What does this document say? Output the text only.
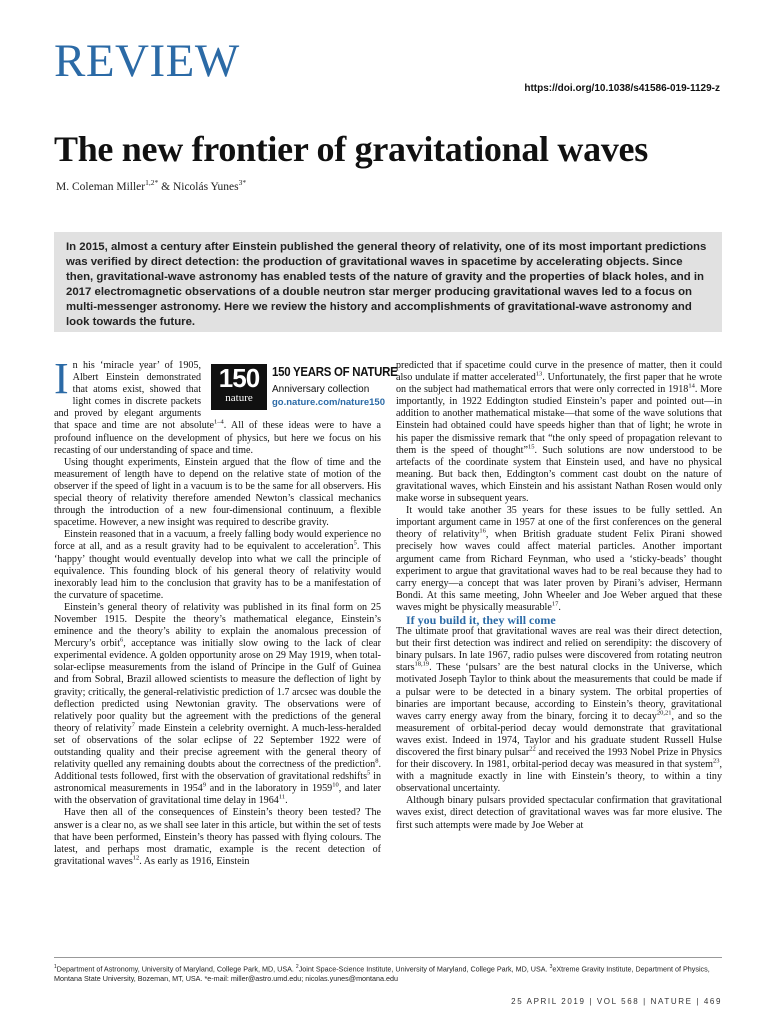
REVIEW
https://doi.org/10.1038/s41586-019-1129-z
The new frontier of gravitational waves
M. Coleman Miller$^{1,2*}$ & Nicolás Yunes$^{3*}$
In 2015, almost a century after Einstein published the general theory of relativity, one of its most important predictions was verified by direct detection: the production of gravitational waves in spacetime by accelerating objects. Since then, gravitational-wave astronomy has enabled tests of the nature of gravity and the properties of black holes, and in 2017 electromagnetic observations of a double neutron star merger producing gravitational waves led to a focus on multi-messenger astronomy. Here we review the history and accomplishments of gravitational-wave astronomy and look towards the future.
150
nature
150 YEARS OF NATURE
Anniversary collection
go.nature.com/nature150

In his ‘miracle year’ of 1905, Albert Einstein demonstrated that atoms exist, showed that light comes in discrete packets and proved by elegant arguments that space and time are not absolute$^{1-4}$. All of these ideas were to have a profound influence on the development of physics, but here we focus on his recasting of our understanding of space and time.

Using thought experiments, Einstein argued that the flow of time and the measurement of length have to depend on the relative state of motion of the observer if the speed of light in a vacuum is to be the same for all observers. His special theory of relativity therefore amended Newton’s classical mechanics through the introduction of a new four-dimensional continuum, a flexible spacetime. However, a new insight was required to describe gravity.

Einstein reasoned that in a vacuum, a freely falling body would experience no force at all, and as a result gravity had to be equivalent to acceleration$^5$. This ‘happy’ thought would eventually develop into what we call the principle of equivalence. This founding block of his general theory of relativity would inexorably lead him to the conclusion that gravity has to be a manifestation of the curvature of spacetime.

Einstein’s general theory of relativity was published in its final form on 25 November 1915. Despite the theory’s mathematical elegance, Einstein’s eminence and the theory’s ability to explain the anomalous precession of Mercury’s orbit$^6$, acceptance was initially slow owing to the lack of clear experimental evidence. A golden opportunity arose on 29 May 1919, when total-solar-eclipse measurements from the island of Príncipe in the Gulf of Guinea and from Sobral, Brazil allowed scientists to measure the deflection of light by gravity; critically, the general-relativistic prediction of 1.7 arcsec was double the deflection predicted using Newtonian gravity. The observations were of relatively poor quality but the agreement with the predictions of the general theory of relativity$^7$ made Einstein a celebrity overnight. A much-less-heralded set of observations of the solar eclipse of 22 September 1922 were of outstanding quality and their precise agreement with the general theory of relativity quelled any remaining doubts about the correctness of the prediction$^8$. Additional tests followed, first with the observation of gravitational redshifts$^5$ in astronomical measurements in 1954$^9$ and in the laboratory in 1959$^{10}$, and later with the observation of gravitational time delay in 1964$^{11}$.

Have then all of the consequences of Einstein’s theory been tested? The answer is a clear no, as we shall see later in this article, but within the set of tests that have been performed, Einstein’s theory has passed with flying colours. The latest, and perhaps most dramatic, example is the recent detection of gravitational waves$^{12}$. As early as 1916, Einstein

predicted that if spacetime could curve in the presence of matter, then it could also undulate if matter accelerated$^{13}$. Unfortunately, the first paper that he wrote on the subject had mathematical errors that were only corrected in 1918$^{14}$. More importantly, in 1922 Eddington studied Einstein’s paper and pointed out—in addition to another mathematical mistake—that some of the wave solutions that Einstein had obtained could have speeds higher than that of light; he wrote in his paper the dismissive remark that “the only speed of propagation relevant to them is the speed of thought”$^{15}$. Such solutions are now understood to be artefacts of the coordinate system that Einstein used, and have no physical meaning. But back then, Eddington’s comment cast doubt on the nature of gravitational waves, which Einstein and his assistant Nathan Rosen would only make worse in subsequent years.

It would take another 35 years for these issues to be fully settled. An important argument came in 1957 at one of the first conferences on the general theory of relativity$^{16}$, when British graduate student Felix Pirani showed precisely how waves could affect material particles. Another important argument came from Richard Feynman, who used a ‘sticky-beads’ thought experiment to argue that gravitational waves had to be real because they had to carry energy—a concept that was later proven by Pirani’s adviser, Hermann Bondi. At this same meeting, John Wheeler and Joe Weber argued that these waves might be physically measurable$^{17}$.

If you build it, they will come

The ultimate proof that gravitational waves are real was their direct detection, but their first detection was indirect and relied on serendipity: the discovery of binary pulsars. In late 1967, radio pulses were discovered from rotating neutron stars$^{18,19}$. These ‘pulsars’ are the best natural clocks in the Universe, which motivated Joseph Taylor to think about the measurements that could be made if a pulsar were to be detected in a binary system. The orbital properties of binaries are important because, according to Einstein’s theory, gravitational waves carry energy away from the binary, forcing it to decay$^{20,21}$, and so the measurement of orbital-period decay would demonstrate that gravitational waves exist. Indeed in 1974, Taylor and his graduate student Russell Hulse discovered the first binary pulsar$^{22}$ and received the 1993 Nobel Prize in Physics for their discovery. In 1981, orbital-period decay was measured in that system$^{23}$, with a magnitude exactly in line with Einstein’s theory, to within a tiny observational uncertainty.

Although binary pulsars provided spectacular confirmation that gravitational waves exist, direct detection of gravitational waves was far more elusive. The first such attempts were made by Joe Weber at

$^1$Department of Astronomy, University of Maryland, College Park, MD, USA. $^2$Joint Space-Science Institute, University of Maryland, College Park, MD, USA. $^3$eXtreme Gravity Institute, Department of Physics, Montana State University, Bozeman, MT, USA. *e-mail: miller@astro.umd.edu; nicolas.yunes@montana.edu
25 APRIL 2019 | VOL 568 | NATURE | 469
